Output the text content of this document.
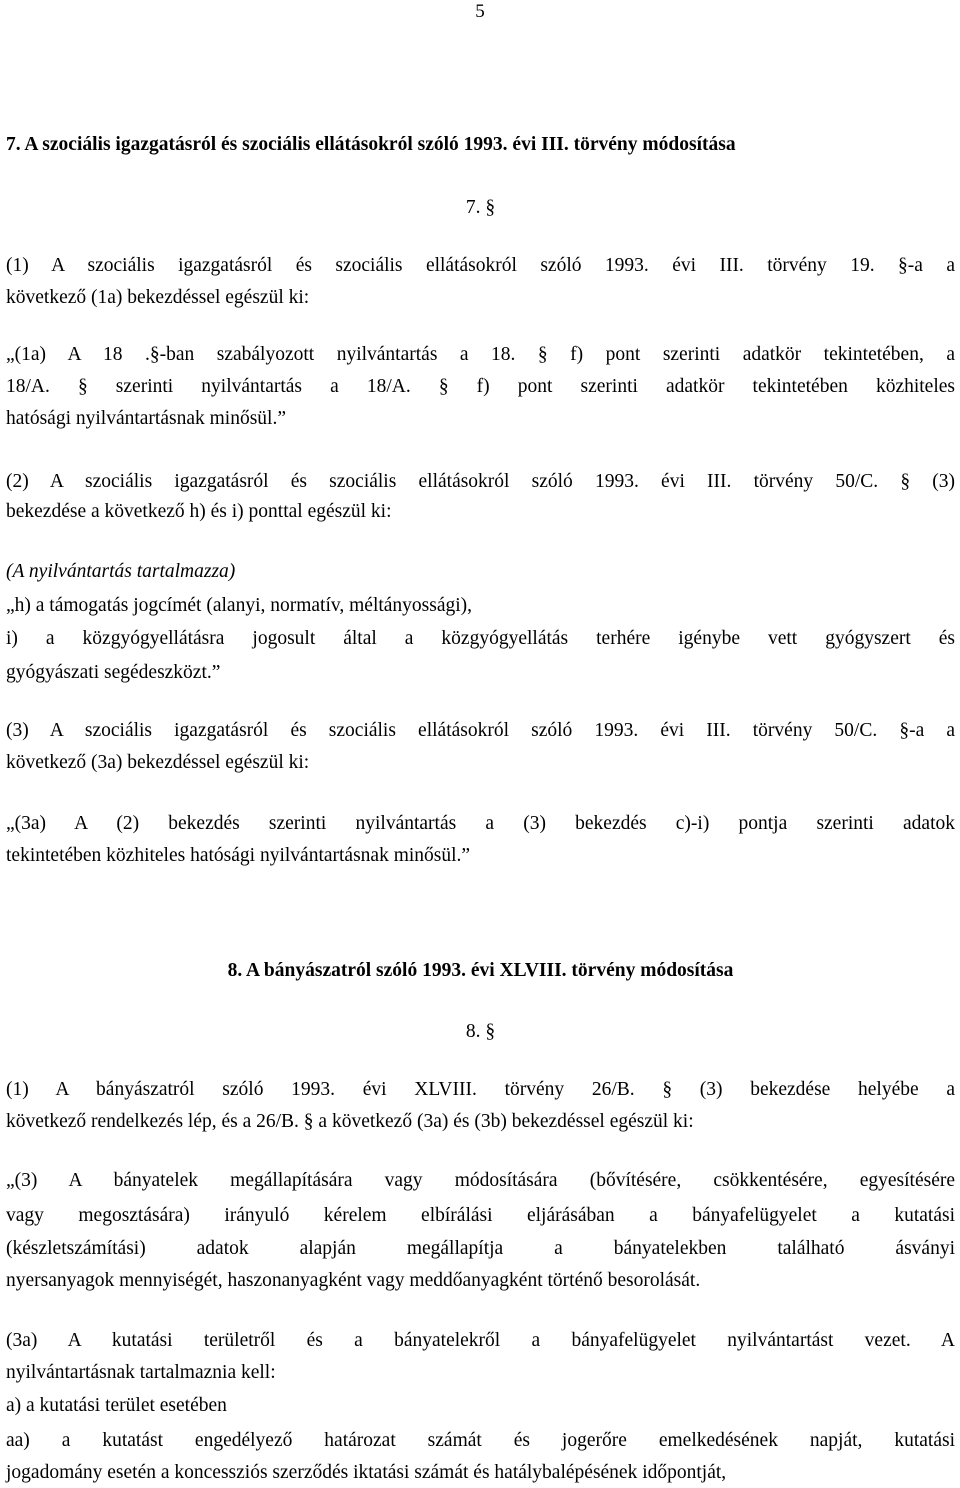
5
7. A szociális igazgatásról és szociális ellátásokról szóló 1993. évi III. törvény módosítása
7. §
(1) A szociális igazgatásról és szociális ellátásokról szóló 1993. évi III. törvény 19. §-a a
következő (1a) bekezdéssel egészül ki:
„(1a) A 18 .§-ban szabályozott nyilvántartás a 18. § f) pont szerinti adatkör tekintetében, a
18/A. § szerinti nyilvántartás a 18/A. § f) pont szerinti adatkör tekintetében közhiteles
hatósági nyilvántartásnak minősül.”
(2) A szociális igazgatásról és szociális ellátásokról szóló 1993. évi III. törvény 50/C. § (3)
bekezdése a következő h) és i) ponttal egészül ki:
(A nyilvántartás tartalmazza)
„h) a támogatás jogcímét (alanyi, normatív, méltányossági),
i) a közgyógyellátásra jogosult által a közgyógyellátás terhére igénybe vett gyógyszert és
gyógyászati segédeszközt.”
(3) A szociális igazgatásról és szociális ellátásokról szóló 1993. évi III. törvény 50/C. §-a a
következő (3a) bekezdéssel egészül ki:
„(3a) A (2) bekezdés szerinti nyilvántartás a (3) bekezdés c)-i) pontja szerinti adatok
tekintetében közhiteles hatósági nyilvántartásnak minősül.”
8. A bányászatról szóló 1993. évi XLVIII. törvény módosítása
8. §
(1) A bányászatról szóló 1993. évi XLVIII. törvény 26/B. § (3) bekezdése helyébe a
következő rendelkezés lép, és a 26/B. § a következő (3a) és (3b) bekezdéssel egészül ki:
„(3) A bányatelek megállapítására vagy módosítására (bővítésére, csökkentésére, egyesítésére
vagy megosztására) irányuló kérelem elbírálási eljárásában a bányafelügyelet a kutatási
(készletszámítási) adatok alapján megállapítja a bányatelekben található ásványi
nyersanyagok mennyiségét, haszonanyagként vagy meddőanyagként történő besorolását.
(3a) A kutatási területről és a bányatelekről a bányafelügyelet nyilvántartást vezet. A
nyilvántartásnak tartalmaznia kell:
a) a kutatási terület esetében
aa) a kutatást engedélyező határozat számát és jogerőre emelkedésének napját, kutatási
jogadomány esetén a koncessziós szerződés iktatási számát és hatálybalépésének időpontját,
